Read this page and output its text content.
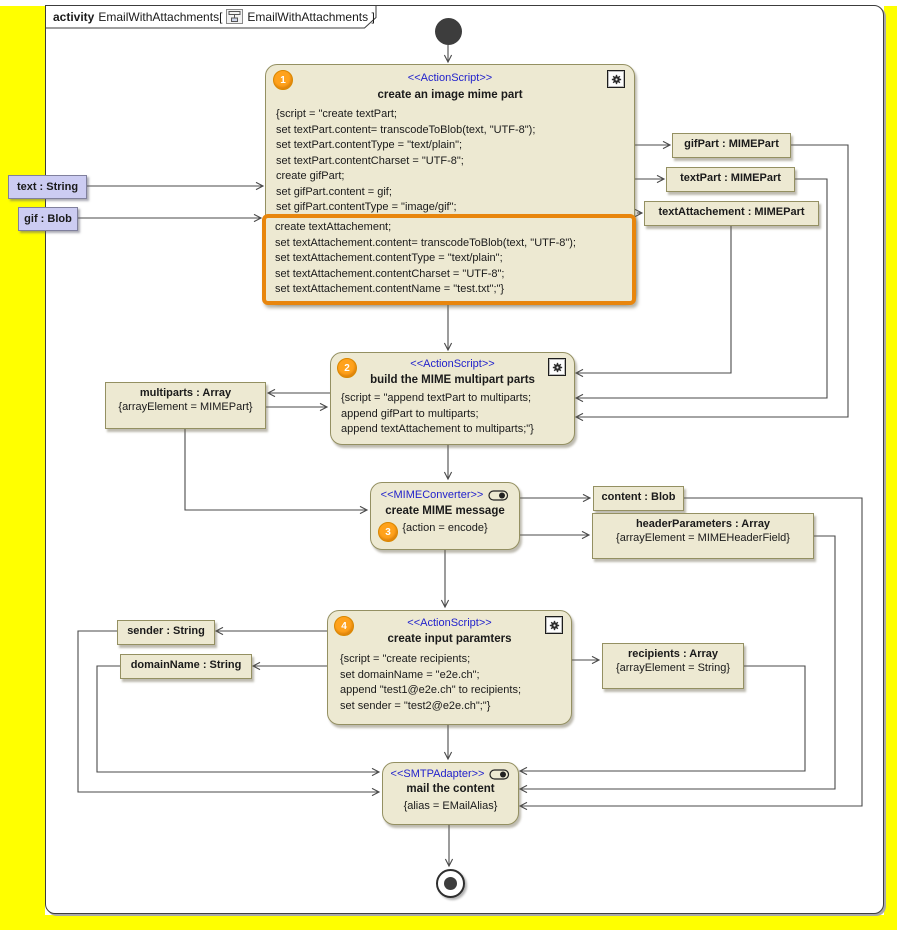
activity EmailWithAttachments[ EmailWithAttachments ]
1	<<ActionScript>>
create an image mime part
{script = "create textPart;
set textPart.content= transcodeToBlob(text, "UTF-8");
set textPart.contentType = "text/plain";
set textPart.contentCharset = "UTF-8";
create gifPart;
set gifPart.content = gif;
set gifPart.contentType = "image/gif";
create textAttachement;
set textAttachement.content= transcodeToBlob(text, "UTF-8");
set textAttachement.contentType = "text/plain";
set textAttachement.contentCharset = "UTF-8";
set textAttachement.contentName = "test.txt";"}
text : String
gif : Blob
gifPart : MIMEPart
textPart : MIMEPart
textAttachement : MIMEPart
2	<<ActionScript>>
build the MIME multipart parts
{script = "append textPart to multiparts;
append gifPart to multiparts;
append textAttachement to multiparts;"}
multiparts : Array
{arrayElement = MIMEPart}
<<MIMEConverter>>
create MIME message
{action = encode}
3
content : Blob
headerParameters : Array
{arrayElement = MIMEHeaderField}
4	<<ActionScript>>
create input paramters
{script = "create recipients;
set domainName = "e2e.ch";
append "test1@e2e.ch" to recipients;
set sender = "test2@e2e.ch";"}
sender : String
domainName : String
recipients : Array
{arrayElement = String}
<<SMTPAdapter>>
mail the content
{alias = EMailAlias}
